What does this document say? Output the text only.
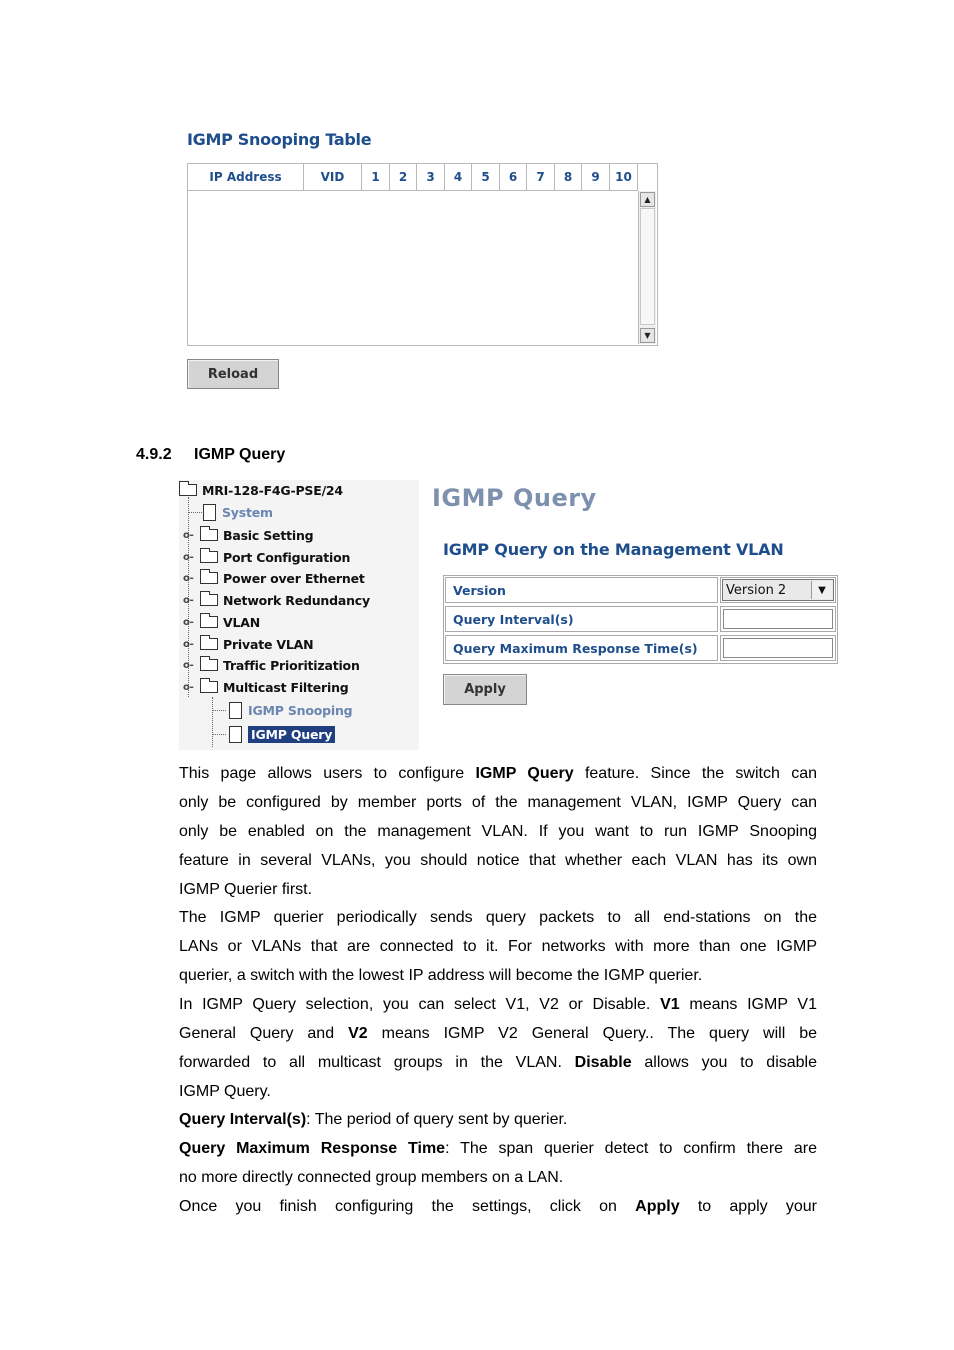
IGMP Snooping Table
IP Address	VID	1	2	3	4	5	6	7	8	9	10
▲
▼
Reload
4.9.2 IGMP Query
MRI-128-F4G-PSE/24
System
o- Basic Setting
o- Port Configuration
o- Power over Ethernet
o- Network Redundancy
o- VLAN
o- Private VLAN
o- Traffic Prioritization
o- Multicast Filtering
IGMP Snooping
IGMP Query
IGMP Query
IGMP Query on the Management VLAN
Version	Version 2	▼
Query Interval(s)
Query Maximum Response Time(s)
Apply
This page allows users to configure IGMP Query feature. Since the switch can
only be configured by member ports of the management VLAN, IGMP Query can
only be enabled on the management VLAN. If you want to run IGMP Snooping
feature in several VLANs, you should notice that whether each VLAN has its own
IGMP Querier first.
The IGMP querier periodically sends query packets to all end-stations on the
LANs or VLANs that are connected to it. For networks with more than one IGMP
querier, a switch with the lowest IP address will become the IGMP querier.
In IGMP Query selection, you can select V1, V2 or Disable. V1 means IGMP V1
General Query and V2 means IGMP V2 General Query.. The query will be
forwarded to all multicast groups in the VLAN. Disable allows you to disable
IGMP Query.
Query Interval(s): The period of query sent by querier.
Query Maximum Response Time: The span querier detect to confirm there are
no more directly connected group members on a LAN.
Once you finish configuring the settings, click on Apply to apply your
